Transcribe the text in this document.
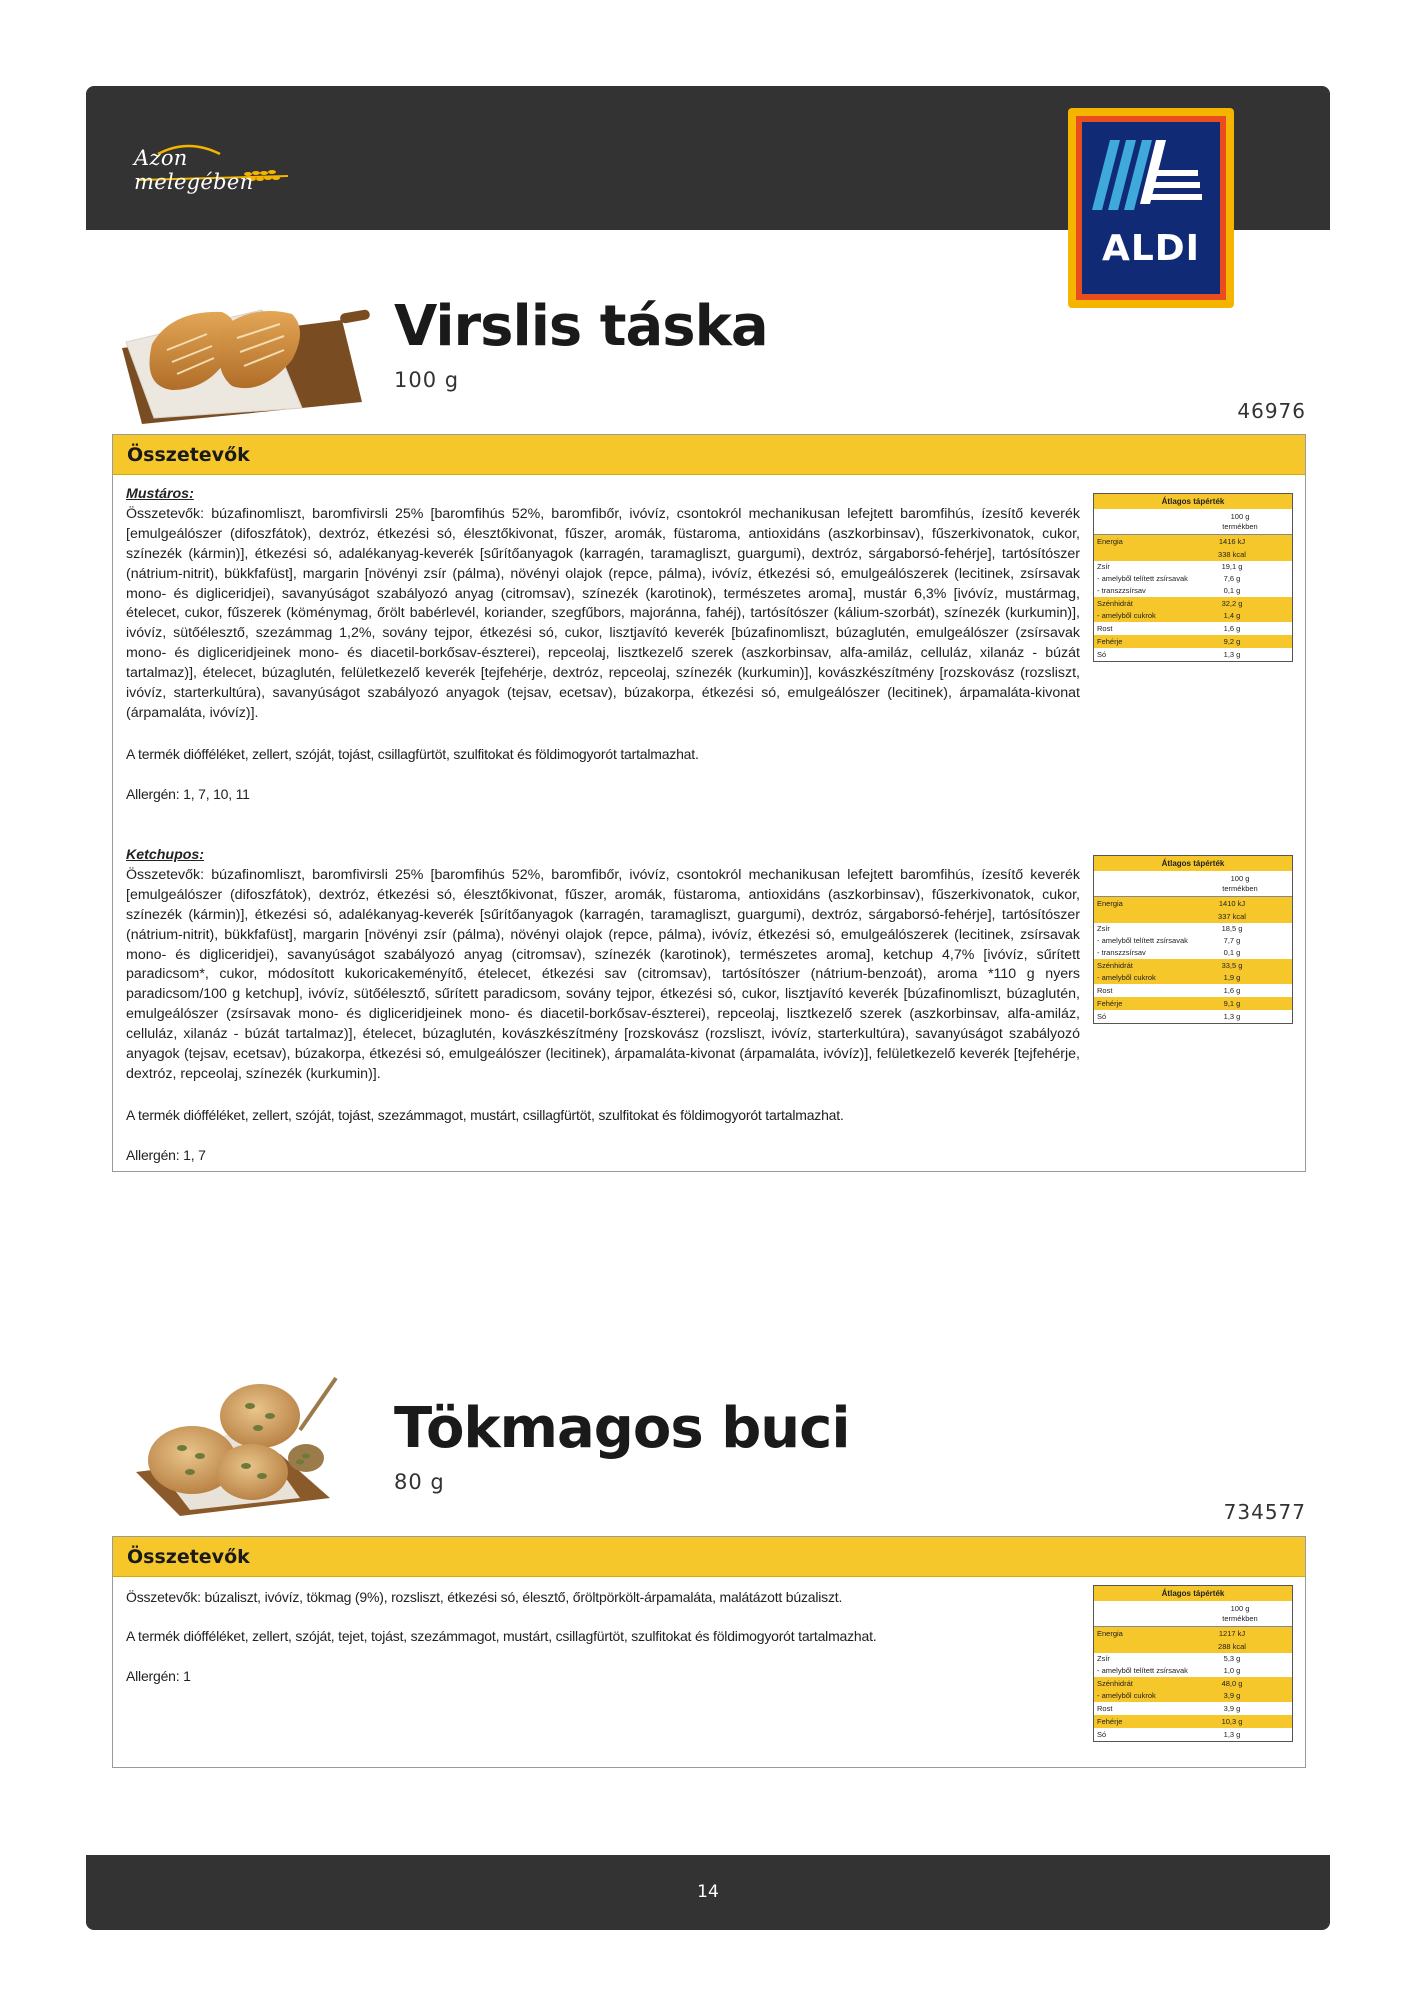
Azon melegében
ALDI
Virslis táska
100 g
46976
Összetevők
Mustáros:
Összetevők: búzafinomliszt, baromfivirsli 25% [baromfihús 52%, baromfibőr, ivóvíz, csontokról mechanikusan lefejtett baromfihús, ízesítő keverék [emulgeálószer (difoszfátok), dextróz, étkezési só, élesztőkivonat, fűszer, aromák, füstaroma, antioxidáns (aszkorbinsav), fűszerkivonatok, cukor, színezék (kármin)], étkezési só, adalékanyag-keverék [sűrítőanyagok (karragén, taramagliszt, guargumi), dextróz, sárgaborsó-fehérje], tartósítószer (nátrium-nitrit), bükkfafüst], margarin [növényi zsír (pálma), növényi olajok (repce, pálma), ivóvíz, étkezési só, emulgeálószerek (lecitinek, zsírsavak mono- és digliceridjei), savanyúságot szabályozó anyag (citromsav), színezék (karotinok), természetes aroma], mustár 6,3% [ivóvíz, mustármag, ételecet, cukor, fűszerek (köménymag, őrölt babérlevél, koriander, szegfűbors, majoránna, fahéj), tartósítószer (kálium-szorbát), színezék (kurkumin)], ivóvíz, sütőélesztő, szezámmag 1,2%, sovány tejpor, étkezési só, cukor, lisztjavító keverék [búzafinomliszt, búzaglutén, emulgeálószer (zsírsavak mono- és digliceridjeinek mono- és diacetil-borkősav-észterei), repceolaj, lisztkezelő szerek (aszkorbinsav, alfa-amiláz, celluláz, xilanáz - búzát tartalmaz)], ételecet, búzaglutén, felületkezelő keverék [tejfehérje, dextróz, repceolaj, színezék (kurkumin)], kovászkészítmény [rozskovász (rozsliszt, ivóvíz, starterkultúra), savanyúságot szabályozó anyagok (tejsav, ecetsav), búzakorpa, étkezési só, emulgeálószer (lecitinek), árpamaláta-kivonat (árpamaláta, ivóvíz)].
A termék diófféléket, zellert, szóját, tojást, csillagfürtöt, szulfitokat és földimogyorót tartalmazhat.
Allergén: 1, 7, 10, 11
Átlagos tápérték
100 g
termékben
Energia	1416 kJ
338 kcal
Zsír	19,1 g
- amelyből telített zsírsavak	7,6 g
- transzzsírsav	0,1 g
Szénhidrát	32,2 g
- amelyből cukrok	1,4 g
Rost	1,6 g
Fehérje	9,2 g
Só	1,3 g
Ketchupos:
Összetevők: búzafinomliszt, baromfivirsli 25% [baromfihús 52%, baromfibőr, ivóvíz, csontokról mechanikusan lefejtett baromfihús, ízesítő keverék [emulgeálószer (difoszfátok), dextróz, étkezési só, élesztőkivonat, fűszer, aromák, füstaroma, antioxidáns (aszkorbinsav), fűszerkivonatok, cukor, színezék (kármin)], étkezési só, adalékanyag-keverék [sűrítőanyagok (karragén, taramagliszt, guargumi), dextróz, sárgaborsó-fehérje], tartósítószer (nátrium-nitrit), bükkfafüst], margarin [növényi zsír (pálma), növényi olajok (repce, pálma), ivóvíz, étkezési só, emulgeálószerek (lecitinek, zsírsavak mono- és digliceridjei), savanyúságot szabályozó anyag (citromsav), színezék (karotinok), természetes aroma], ketchup 4,7% [ivóvíz, sűrített paradicsom*, cukor, módosított kukoricakeményítő, ételecet, étkezési sav (citromsav), tartósítószer (nátrium-benzoát), aroma *110 g nyers paradicsom/100 g ketchup], ivóvíz, sütőélesztő, sűrített paradicsom, sovány tejpor, étkezési só, cukor, lisztjavító keverék [búzafinomliszt, búzaglutén, emulgeálószer (zsírsavak mono- és digliceridjeinek mono- és diacetil-borkősav-észterei), repceolaj, lisztkezelő szerek (aszkorbinsav, alfa-amiláz, celluláz, xilanáz - búzát tartalmaz)], ételecet, búzaglutén, kovászkészítmény [rozskovász (rozsliszt, ivóvíz, starterkultúra), savanyúságot szabályozó anyagok (tejsav, ecetsav), búzakorpa, étkezési só, emulgeálószer (lecitinek), árpamaláta-kivonat (árpamaláta, ivóvíz)], felületkezelő keverék [tejfehérje, dextróz, repceolaj, színezék (kurkumin)].
A termék diófféléket, zellert, szóját, tojást, szezámmagot, mustárt, csillagfürtöt, szulfitokat és földimogyorót tartalmazhat.
Allergén: 1, 7
Átlagos tápérték
100 g
termékben
Energia	1410 kJ
337 kcal
Zsír	18,5 g
- amelyből telített zsírsavak	7,7 g
- transzzsírsav	0,1 g
Szénhidrát	33,5 g
- amelyből cukrok	1,9 g
Rost	1,6 g
Fehérje	9,1 g
Só	1,3 g
Tökmagos buci
80 g
734577
Összetevők
Összetevők: búzaliszt, ivóvíz, tökmag (9%), rozsliszt, étkezési só, élesztő, őröltpörkölt-árpamaláta, malátázott búzaliszt.
A termék diófféléket, zellert, szóját, tejet, tojást, szezámmagot, mustárt, csillagfürtöt, szulfitokat és földimogyorót tartalmazhat.
Allergén: 1
Átlagos tápérték
100 g
termékben
Energia	1217 kJ
288 kcal
Zsír	5,3 g
- amelyből telített zsírsavak	1,0 g
Szénhidrát	48,0 g
- amelyből cukrok	3,9 g
Rost	3,9 g
Fehérje	10,3 g
Só	1,3 g
14
